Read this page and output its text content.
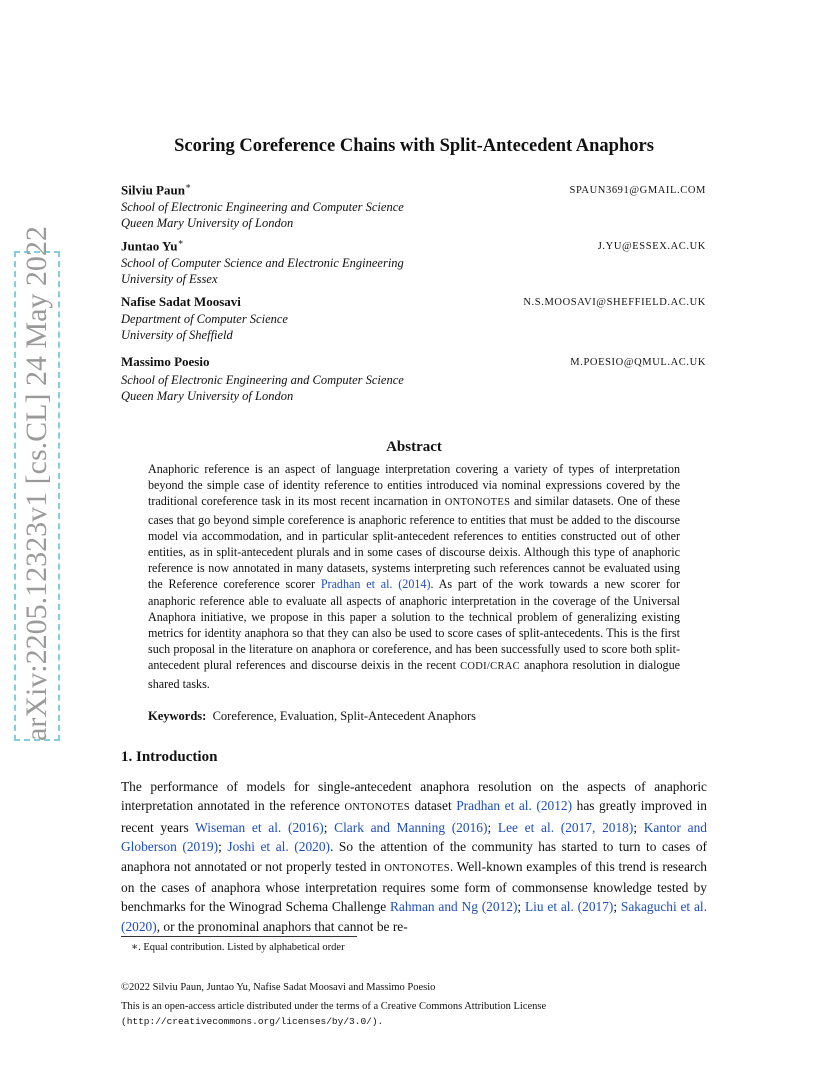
arXiv:2205.12323v1 [cs.CL] 24 May 2022
Scoring Coreference Chains with Split-Antecedent Anaphors
Silviu Paun∗	SPAUN3691@GMAIL.COM
School of Electronic Engineering and Computer Science
Queen Mary University of London
Juntao Yu∗	J.YU@ESSEX.AC.UK
School of Computer Science and Electronic Engineering
University of Essex
Nafise Sadat Moosavi	N.S.MOOSAVI@SHEFFIELD.AC.UK
Department of Computer Science
University of Sheffield
Massimo Poesio	M.POESIO@QMUL.AC.UK
School of Electronic Engineering and Computer Science
Queen Mary University of London
Abstract
Anaphoric reference is an aspect of language interpretation covering a variety of types of interpretation beyond the simple case of identity reference to entities introduced via nominal expressions covered by the traditional coreference task in its most recent incarnation in ONTONOTES and similar datasets. One of these cases that go beyond simple coreference is anaphoric reference to entities that must be added to the discourse model via accommodation, and in particular split-antecedent references to entities constructed out of other entities, as in split-antecedent plurals and in some cases of discourse deixis. Although this type of anaphoric reference is now annotated in many datasets, systems interpreting such references cannot be evaluated using the Reference coreference scorer Pradhan et al. (2014). As part of the work towards a new scorer for anaphoric reference able to evaluate all aspects of anaphoric interpretation in the coverage of the Universal Anaphora initiative, we propose in this paper a solution to the technical problem of generalizing existing metrics for identity anaphora so that they can also be used to score cases of split-antecedents. This is the first such proposal in the literature on anaphora or coreference, and has been successfully used to score both split-antecedent plural references and discourse deixis in the recent CODI/CRAC anaphora resolution in dialogue shared tasks.
Keywords: Coreference, Evaluation, Split-Antecedent Anaphors
1. Introduction
The performance of models for single-antecedent anaphora resolution on the aspects of anaphoric interpretation annotated in the reference ONTONOTES dataset Pradhan et al. (2012) has greatly improved in recent years Wiseman et al. (2016); Clark and Manning (2016); Lee et al. (2017, 2018); Kantor and Globerson (2019); Joshi et al. (2020). So the attention of the community has started to turn to cases of anaphora not annotated or not properly tested in ONTONOTES. Well-known examples of this trend is research on the cases of anaphora whose interpretation requires some form of commonsense knowledge tested by benchmarks for the Winograd Schema Challenge Rahman and Ng (2012); Liu et al. (2017); Sakaguchi et al. (2020), or the pronominal anaphors that cannot be re-
∗. Equal contribution. Listed by alphabetical order
©2022 Silviu Paun, Juntao Yu, Nafise Sadat Moosavi and Massimo Poesio
This is an open-access article distributed under the terms of a Creative Commons Attribution License
(http://creativecommons.org/licenses/by/3.0/).
